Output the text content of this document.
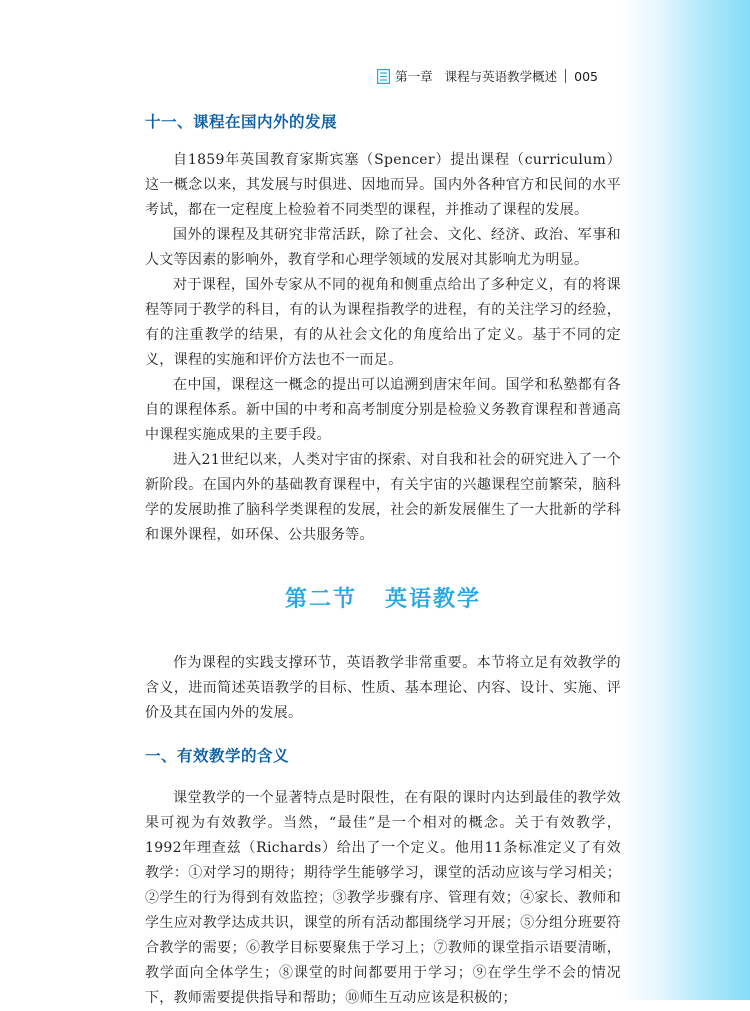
第一章 课程与英语教学概述 005
十一、课程在国内外的发展

自1859年英国教育家斯宾塞（Spencer）提出课程（curriculum）这一概念以来，其发展与时俱进、因地而异。国内外各种官方和民间的水平考试，都在一定程度上检验着不同类型的课程，并推动了课程的发展。

国外的课程及其研究非常活跃，除了社会、文化、经济、政治、军事和人文等因素的影响外，教育学和心理学领域的发展对其影响尤为明显。

对于课程，国外专家从不同的视角和侧重点给出了多种定义，有的将课程等同于教学的科目，有的认为课程指教学的进程，有的关注学习的经验，有的注重教学的结果，有的从社会文化的角度给出了定义。基于不同的定义，课程的实施和评价方法也不一而足。

在中国，课程这一概念的提出可以追溯到唐宋年间。国学和私塾都有各自的课程体系。新中国的中考和高考制度分别是检验义务教育课程和普通高中课程实施成果的主要手段。

进入21世纪以来，人类对宇宙的探索、对自我和社会的研究进入了一个新阶段。在国内外的基础教育课程中，有关宇宙的兴趣课程空前繁荣，脑科学的发展助推了脑科学类课程的发展，社会的新发展催生了一大批新的学科和课外课程，如环保、公共服务等。

第二节 英语教学

作为课程的实践支撑环节，英语教学非常重要。本节将立足有效教学的含义，进而简述英语教学的目标、性质、基本理论、内容、设计、实施、评价及其在国内外的发展。

一、有效教学的含义

课堂教学的一个显著特点是时限性，在有限的课时内达到最佳的教学效果可视为有效教学。当然，“最佳”是一个相对的概念。关于有效教学，1992年理查兹（Richards）给出了一个定义。他用11条标准定义了有效教学：①对学习的期待；期待学生能够学习，课堂的活动应该与学习相关；②学生的行为得到有效监控；③教学步骤有序、管理有效；④家长、教师和学生应对教学达成共识，课堂的所有活动都围绕学习开展；⑤分组分班要符合教学的需要；⑥教学目标要聚焦于学习上；⑦教师的课堂指示语要清晰，教学面向全体学生；⑧课堂的时间都要用于学习；⑨在学生学不会的情况下，教师需要提供指导和帮助；⑩师生互动应该是积极的；
